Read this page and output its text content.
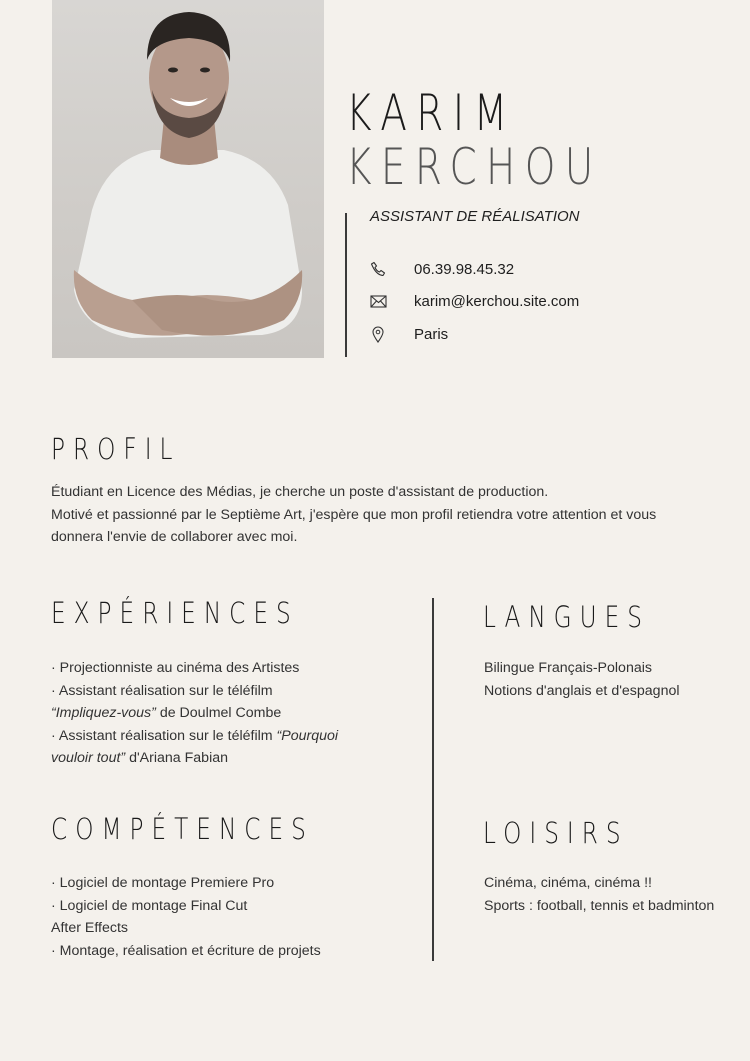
KARIM
KERCHOU
ASSISTANT DE RÉALISATION
06.39.98.45.32
karim@kerchou.site.com
Paris
PROFIL
Étudiant en Licence des Médias, je cherche un poste d'assistant de production.
Motivé et passionné par le Septième Art, j'espère que mon profil retiendra votre attention et vous
donnera l'envie de collaborer avec moi.
EXPÉRIENCES
· Projectionniste au cinéma des Artistes
· Assistant réalisation sur le téléfilm
“Impliquez-vous” de Doulmel Combe
· Assistant réalisation sur le téléfilm “Pourquoi
vouloir tout” d'Ariana Fabian
LANGUES
Bilingue Français-Polonais
Notions d'anglais et d'espagnol
COMPÉTENCES
· Logiciel de montage Premiere Pro
· Logiciel de montage Final Cut
After Effects
· Montage, réalisation et écriture de projets
LOISIRS
Cinéma, cinéma, cinéma !!
Sports : football, tennis et badminton
